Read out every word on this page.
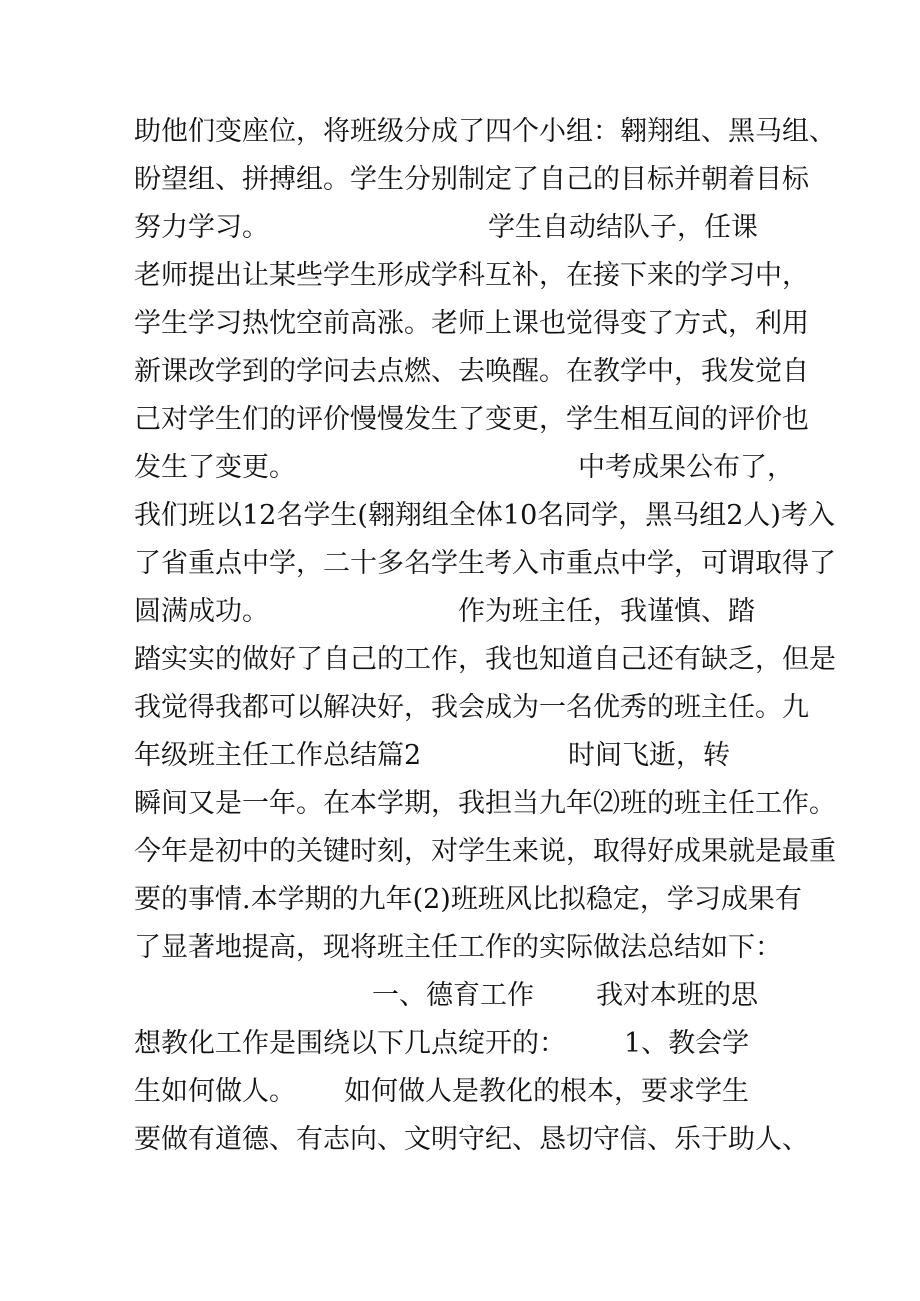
助他们变座位，将班级分成了四个小组：翱翔组、黑马组、
盼望组、拼搏组。学生分别制定了自己的目标并朝着目标
努力学习。	学生自动结队子，任课
老师提出让某些学生形成学科互补，在接下来的学习中，
学生学习热忱空前高涨。老师上课也觉得变了方式，利用
新课改学到的学问去点燃、去唤醒。在教学中，我发觉自
己对学生们的评价慢慢发生了变更，学生相互间的评价也
发生了变更。	中考成果公布了，
我们班以12名学生(翱翔组全体10名同学，黑马组2人)考入
了省重点中学，二十多名学生考入市重点中学，可谓取得了
圆满成功。	作为班主任，我谨慎、踏
踏实实的做好了自己的工作，我也知道自己还有缺乏，但是
我觉得我都可以解决好，我会成为一名优秀的班主任。九
年级班主任工作总结篇2	时间飞逝，转
瞬间又是一年。在本学期，我担当九年⑵班的班主任工作。
今年是初中的关键时刻，对学生来说，取得好成果就是最重
要的事情.本学期的九年(2)班班风比拟稳定，学习成果有
了显著地提高，现将班主任工作的实际做法总结如下：
一、德育工作 我对本班的思
想教化工作是围绕以下几点绽开的： 1、教会学
生如何做人。 如何做人是教化的根本，要求学生
要做有道德、有志向、文明守纪、恳切守信、乐于助人、
